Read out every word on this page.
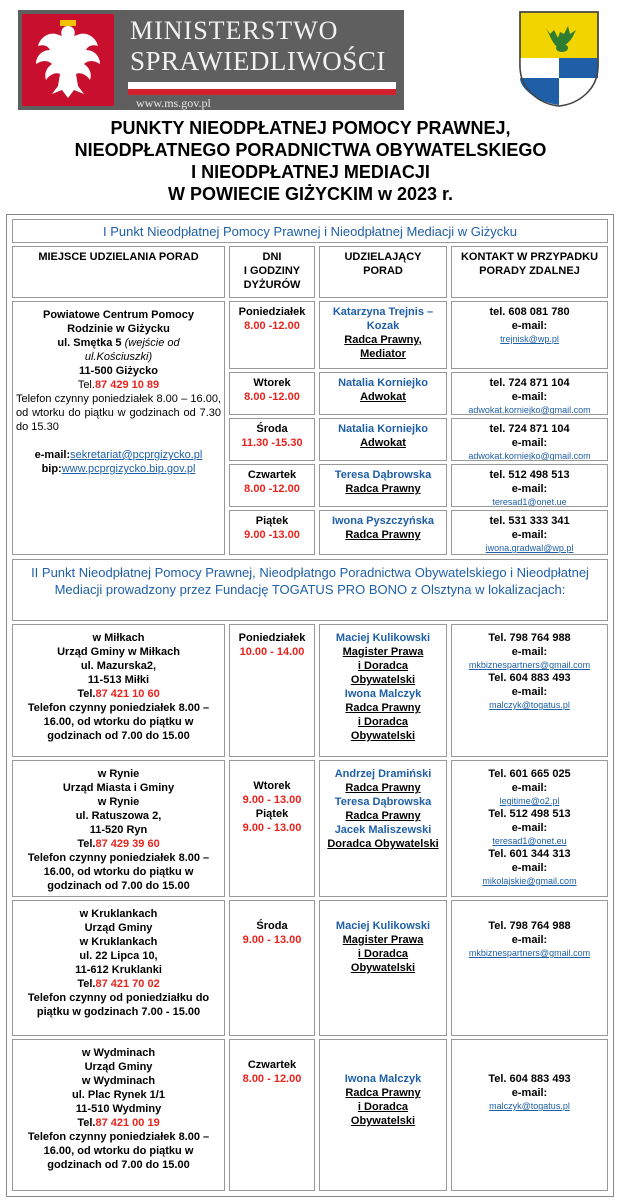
MINISTERSTWO
SPRAWIEDLIWOŚCI
www.ms.gov.pl
PUNKTY NIEODPŁATNEJ POMOCY PRAWNEJ,
NIEODPŁATNEGO PORADNICTWA OBYWATELSKIEGO
I NIEODPŁATNEJ MEDIACJI
W POWIECIE GIŻYCKIM w 2023 r.
I Punkt Nieodpłatnej Pomocy Prawnej i Nieodpłatnej Mediacji w Giżycku
MIEJSCE UDZIELANIA PORAD	DNI
I GODZINY
DYŻURÓW
UDZIELAJĄCY
PORAD
KONTAKT W PRZYPADKU
PORADY ZDALNEJ
Powiatowe Centrum Pomocy
Rodzinie w Giżycku
ul. Smętka 5 (wejście od
ul.Kościuszki)
11-500 Giżycko
Tel.87 429 10 89
Telefon czynny poniedziałek 8.00 – 16.00, od wtorku do piątku w godzinach od 7.30 do 15.30
e-mail:sekretariat@pcprgizycko.pl
bip:www.pcprgizycko.bip.gov.pl
Poniedziałek
8.00 -12.00
Katarzyna Trejnis –
Kozak
Radca Prawny,
Mediator
tel. 608 081 780
e-mail:
trejnisk@wp.pl
Wtorek
8.00 -12.00
Natalia Korniejko
Adwokat
tel. 724 871 104
e-mail:
adwokat.korniejko@gmail.com
Środa
11.30 -15.30
Natalia Korniejko
Adwokat
tel. 724 871 104
e-mail:
adwokat.korniejko@gmail.com
Czwartek
8.00 -12.00
Teresa Dąbrowska
Radca Prawny
tel. 512 498 513
e-mail:
teresad1@onet.ue
Piątek
9.00 -13.00
Iwona Pyszczyńska
Radca Prawny
tel. 531 333 341
e-mail:
iwona.gradwal@wp.pl
II Punkt Nieodpłatnej Pomocy Prawnej, Nieodpłatngo Poradnictwa Obywatelskiego i Nieodpłatnej Mediacji prowadzony przez Fundację TOGATUS PRO BONO z Olsztyna w lokalizacjach:
w Miłkach
Urząd Gminy w Miłkach
ul. Mazurska2,
11-513 Miłki
Tel.87 421 10 60
Telefon czynny poniedziałek 8.00 – 16.00, od wtorku do piątku w godzinach od 7.00 do 15.00
Poniedziałek
10.00 - 14.00
Maciej Kulikowski
Magister Prawa
i Doradca
Obywatelski
Iwona Malczyk
Radca Prawny
i Doradca
Obywatelski
Tel. 798 764 988
e-mail:
mkbiznespartners@gmail.com
Tel. 604 883 493
e-mail:
malczyk@togatus.pl
w Rynie
Urząd Miasta i Gminy
w Rynie
ul. Ratuszowa 2,
11-520 Ryn
Tel.87 429 39 60
Telefon czynny poniedziałek 8.00 – 16.00, od wtorku do piątku w godzinach od 7.00 do 15.00
Wtorek
9.00 - 13.00
Piątek
9.00 - 13.00
Andrzej Dramiński
Radca Prawny
Teresa Dąbrowska
Radca Prawny
Jacek Maliszewski
Doradca Obywatelski
Tel. 601 665 025
e-mail:
legitime@o2.pl
Tel. 512 498 513
e-mail:
teresad1@onet.eu
Tel. 601 344 313
e-mail:
mikolajskie@gmail.com
w Kruklankach
Urząd Gminy
w Kruklankach
ul. 22 Lipca 10,
11-612 Kruklanki
Tel.87 421 70 02
Telefon czynny od poniedziałku do piątku w godzinach 7.00 - 15.00
Środa
9.00 - 13.00
Maciej Kulikowski
Magister Prawa
i Doradca
Obywatelski
Tel. 798 764 988
e-mail:
mkbiznespartners@gmail.com
w Wydminach
Urząd Gminy
w Wydminach
ul. Plac Rynek 1/1
11-510 Wydminy
Tel.87 421 00 19
Telefon czynny poniedziałek 8.00 – 16.00, od wtorku do piątku w godzinach od 7.00 do 15.00
Czwartek
8.00 - 12.00	Iwona Malczyk
Radca Prawny
i Doradca
Obywatelski
Tel. 604 883 493
e-mail:
malczyk@togatus.pl
